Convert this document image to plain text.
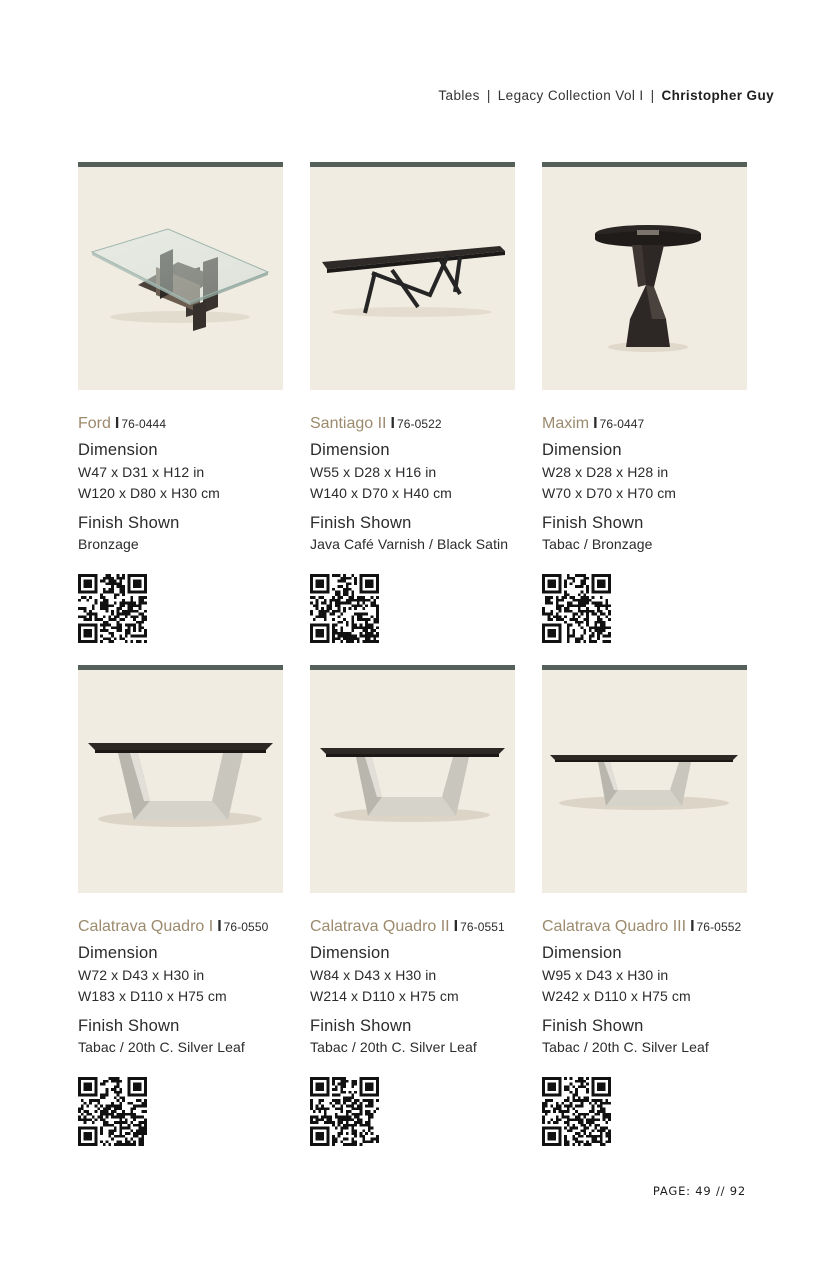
Tables | Legacy Collection Vol I | Christopher Guy
Ford I 76-0444
Dimension
W47 x D31 x H12 in
W120 x D80 x H30 cm
Finish Shown
Bronzage
Santiago II I 76-0522
Dimension
W55 x D28 x H16 in
W140 x D70 x H40 cm
Finish Shown
Java Café Varnish / Black Satin
Maxim I 76-0447
Dimension
W28 x D28 x H28 in
W70 x D70 x H70 cm
Finish Shown
Tabac / Bronzage
Calatrava Quadro I I 76-0550
Dimension
W72 x D43 x H30 in
W183 x D110 x H75 cm
Finish Shown
Tabac / 20th C. Silver Leaf
Calatrava Quadro II I 76-0551
Dimension
W84 x D43 x H30 in
W214 x D110 x H75 cm
Finish Shown
Tabac / 20th C. Silver Leaf
Calatrava Quadro III I 76-0552
Dimension
W95 x D43 x H30 in
W242 x D110 x H75 cm
Finish Shown
Tabac / 20th C. Silver Leaf
PAGE: 49 // 92
